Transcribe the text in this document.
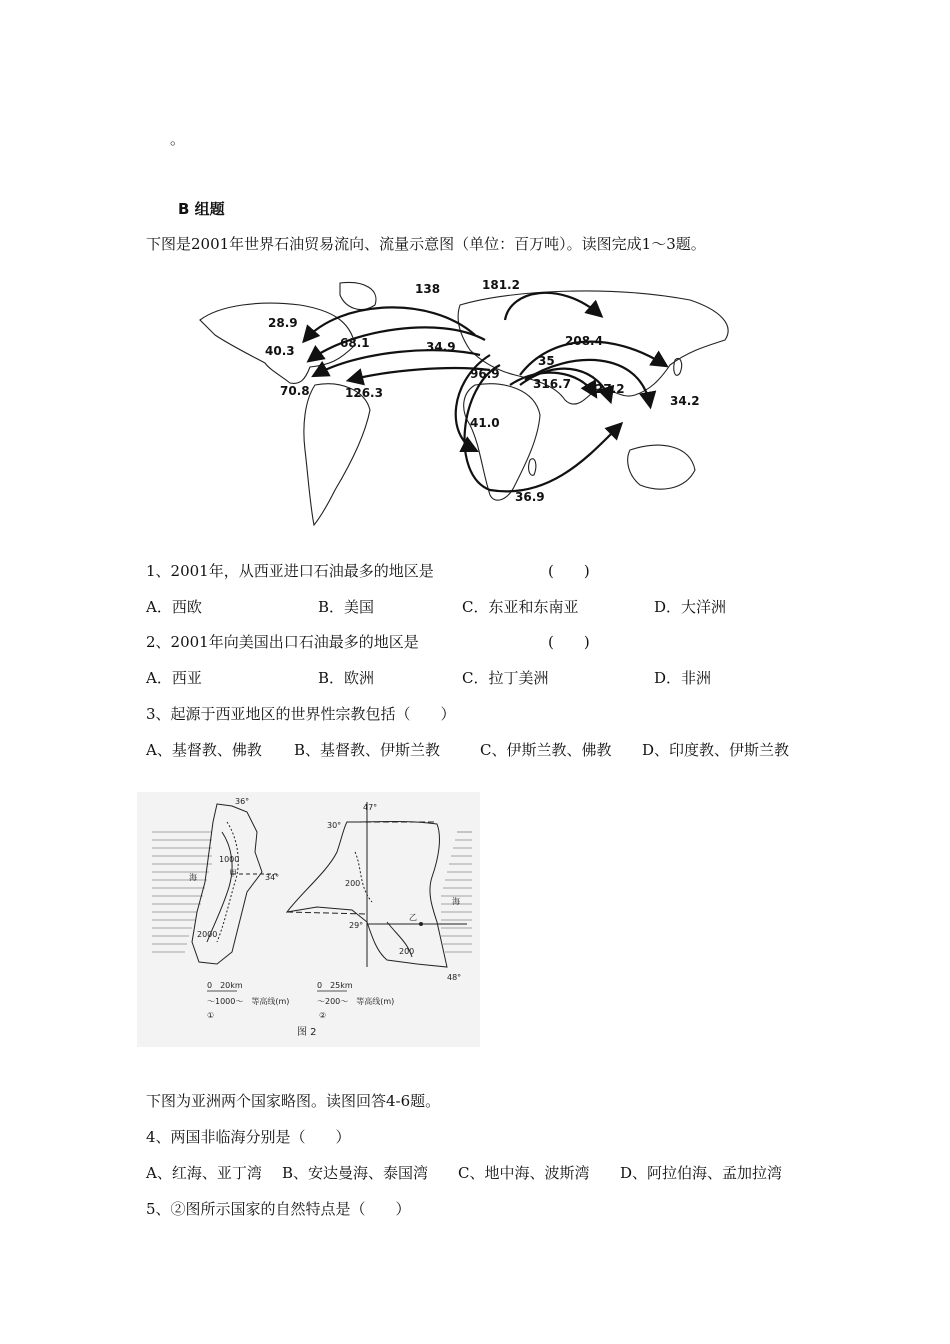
。
B 组题
下图是2001年世界石油贸易流向、流量示意图（单位：百万吨）。读图完成1～3题。
138	181.2
28.9
40.3
68.1	34.9	208.4
96.9
35
316.7 27.2
70.8	126.3
41.0
34.2
36.9
1、2001年，从西亚进口石油最多的地区是	(　　)
A．西欧	B．美国	C．东亚和东南亚	D．大洋洲
2、2001年向美国出口石油最多的地区是	(　　)
A．西亚	B．欧洲	C．拉丁美洲	D．非洲
3、起源于西亚地区的世界性宗教包括（　　）
A、基督教、佛教 B、基督教、伊斯兰教	C、伊斯兰教、佛教 D、印度教、伊斯兰教
36°
34°
海	甲
1000
2000
0　20km
～1000～　等高线(m)
①
47°
30°
29°
48°
乙
海
200
200
0　25km
～200～　等高线(m)
②
图 2
下图为亚洲两个国家略图。读图回答4-6题。
4、两国非临海分别是（　　）
A、红海、亚丁湾 B、安达曼海、泰国湾 C、地中海、波斯湾 D、阿拉伯海、孟加拉湾
5、②图所示国家的自然特点是（　　）
